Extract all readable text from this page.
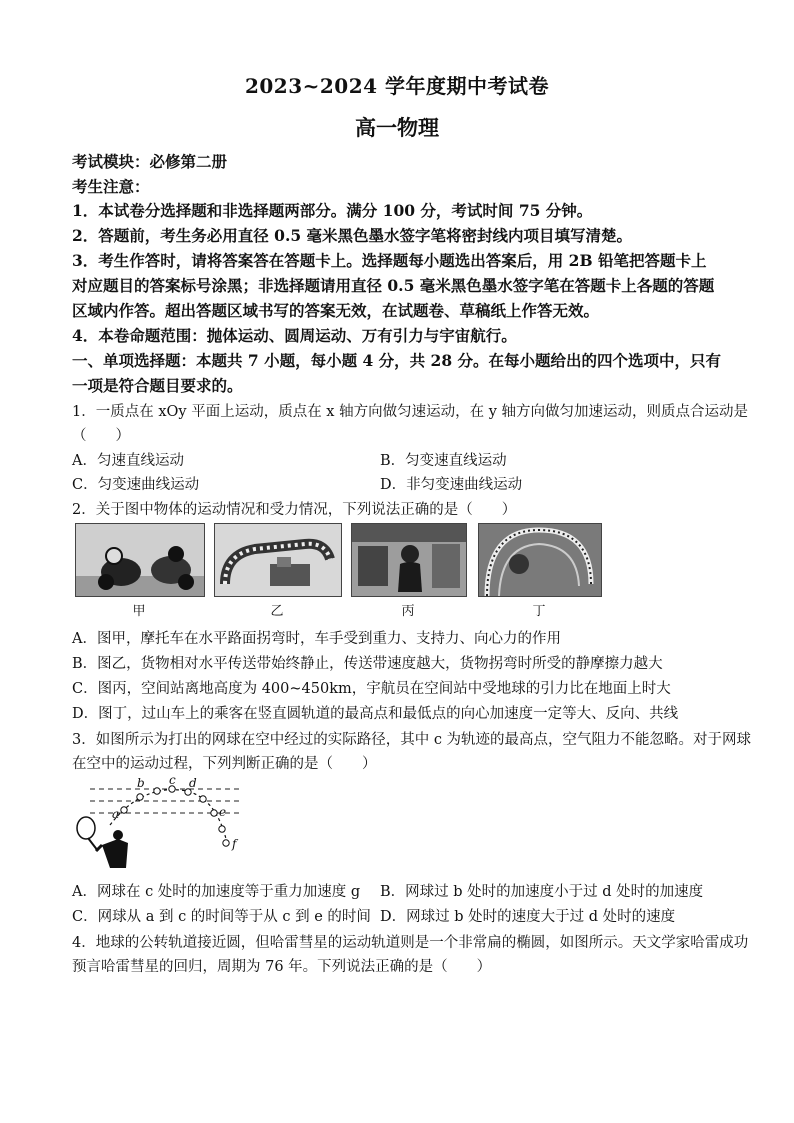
2023~2024 学年度期中考试卷
高一物理
考试模块：必修第二册
考生注意：
1．本试卷分选择题和非选择题两部分。满分 100 分，考试时间 75 分钟。
2．答题前，考生务必用直径 0.5 毫米黑色墨水签字笔将密封线内项目填写清楚。
3．考生作答时，请将答案答在答题卡上。选择题每小题选出答案后，用 2B 铅笔把答题卡上
对应题目的答案标号涂黑；非选择题请用直径 0.5 毫米黑色墨水签字笔在答题卡上各题的答题
区域内作答。超出答题区域书写的答案无效，在试题卷、草稿纸上作答无效。
4．本卷命题范围：抛体运动、圆周运动、万有引力与宇宙航行。
一、单项选择题：本题共 7 小题，每小题 4 分，共 28 分。在每小题给出的四个选项中，只有
一项是符合题目要求的。
1．一质点在 xOy 平面上运动，质点在 x 轴方向做匀速运动，在 y 轴方向做匀加速运动，则质点合运动是
（　　）
A．匀速直线运动	B．匀变速直线运动
C．匀变速曲线运动	D．非匀变速曲线运动
2．关于图中物体的运动情况和受力情况，下列说法正确的是（　　）
甲	乙	丙	丁
A．图甲，摩托车在水平路面拐弯时，车手受到重力、支持力、向心力的作用
B．图乙，货物相对水平传送带始终静止，传送带速度越大，货物拐弯时所受的静摩擦力越大
C．图丙，空间站离地高度为 400~450km，宇航员在空间站中受地球的引力比在地面上时大
D．图丁，过山车上的乘客在竖直圆轨道的最高点和最低点的向心加速度一定等大、反向、共线
3．如图所示为打出的网球在空中经过的实际路径，其中 c 为轨迹的最高点，空气阻力不能忽略。对于网球
在空中的运动过程，下列判断正确的是（　　）
a
b c d
e
f
A．网球在 c 处时的加速度等于重力加速度 g B．网球过 b 处时的加速度小于过 d 处时的加速度
C．网球从 a 到 c 的时间等于从 c 到 e 的时间 D．网球过 b 处时的速度大于过 d 处时的速度
4．地球的公转轨道接近圆，但哈雷彗星的运动轨道则是一个非常扁的椭圆，如图所示。天文学家哈雷成功
预言哈雷彗星的回归，周期为 76 年。下列说法正确的是（　　）
